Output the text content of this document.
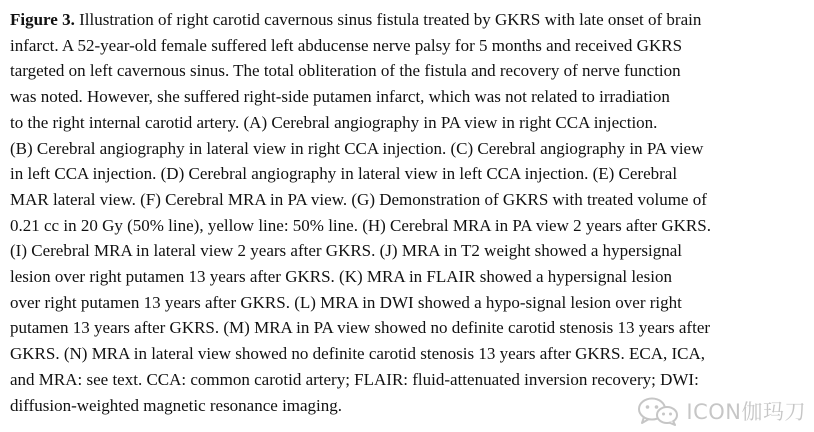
Figure 3. Illustration of right carotid cavernous sinus fistula treated by GKRS with late onset of brain
infarct. A 52-year-old female suffered left abducense nerve palsy for 5 months and received GKRS
targeted on left cavernous sinus. The total obliteration of the fistula and recovery of nerve function
was noted. However, she suffered right-side putamen infarct, which was not related to irradiation
to the right internal carotid artery. (A) Cerebral angiography in PA view in right CCA injection.
(B) Cerebral angiography in lateral view in right CCA injection. (C) Cerebral angiography in PA view
in left CCA injection. (D) Cerebral angiography in lateral view in left CCA injection. (E) Cerebral
MAR lateral view. (F) Cerebral MRA in PA view. (G) Demonstration of GKRS with treated volume of
0.21 cc in 20 Gy (50% line), yellow line: 50% line. (H) Cerebral MRA in PA view 2 years after GKRS.
(I) Cerebral MRA in lateral view 2 years after GKRS. (J) MRA in T2 weight showed a hypersignal
lesion over right putamen 13 years after GKRS. (K) MRA in FLAIR showed a hypersignal lesion
over right putamen 13 years after GKRS. (L) MRA in DWI showed a hypo-signal lesion over right
putamen 13 years after GKRS. (M) MRA in PA view showed no definite carotid stenosis 13 years after
GKRS. (N) MRA in lateral view showed no definite carotid stenosis 13 years after GKRS. ECA, ICA,
and MRA: see text. CCA: common carotid artery; FLAIR: fluid-attenuated inversion recovery; DWI:
diffusion-weighted magnetic resonance imaging.	ICON伽玛刀
